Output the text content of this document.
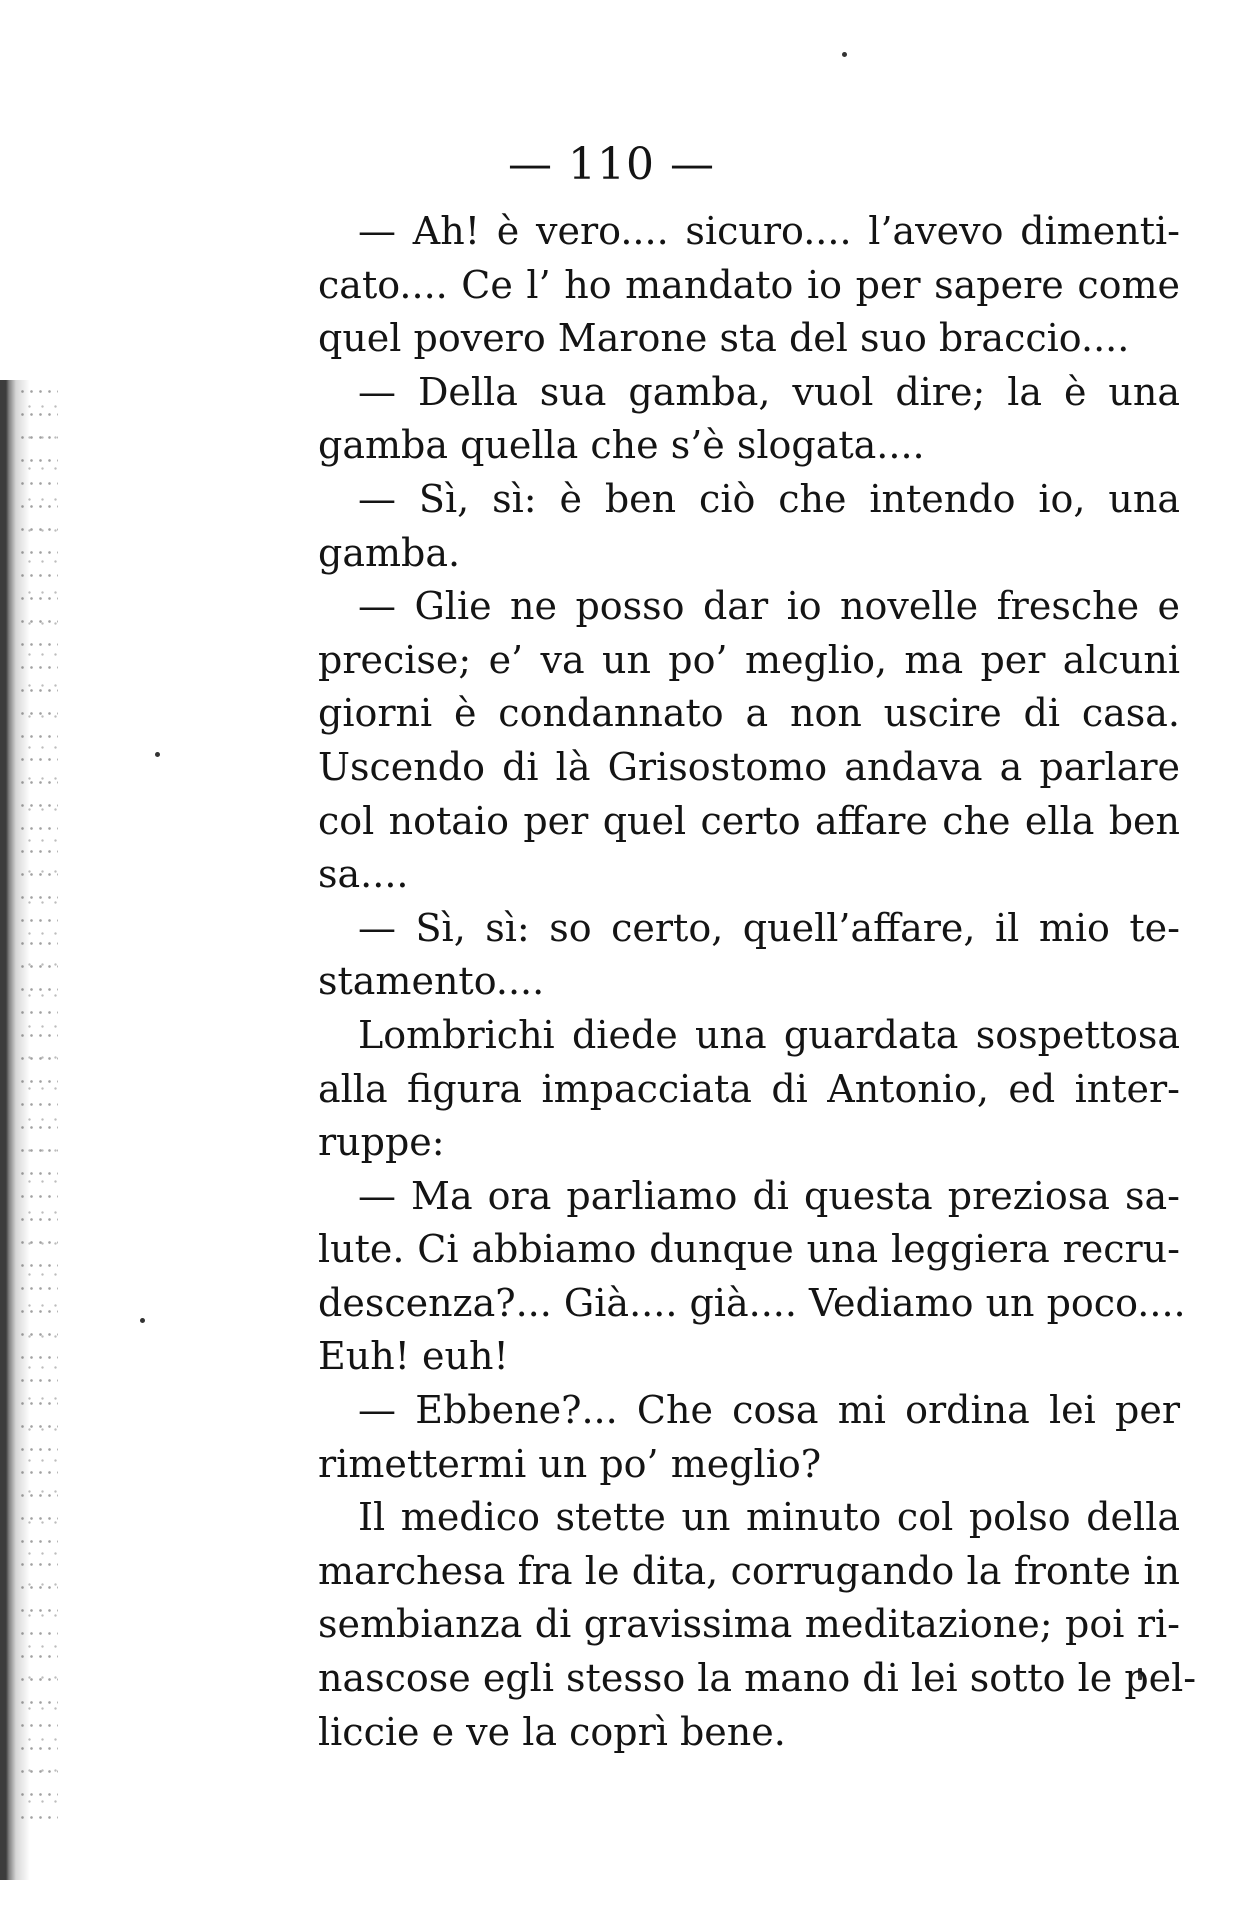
— 110 —
— Ah! è vero.... sicuro.... l’avevo dimenti-
cato.... Ce l’ ho mandato io per sapere come
quel povero Marone sta del suo braccio....
— Della sua gamba, vuol dire; la è una
gamba quella che s’è slogata....
— Sì, sì: è ben ciò che intendo io, una
gamba.
— Glie ne posso dar io novelle fresche e
precise; e’ va un po’ meglio, ma per alcuni
giorni è condannato a non uscire di casa.
Uscendo di là Grisostomo andava a parlare
col notaio per quel certo affare che ella ben
sa....
— Sì, sì: so certo, quell’affare, il mio te-
stamento....
Lombrichi diede una guardata sospettosa
alla figura impacciata di Antonio, ed inter-
ruppe:
— Ma ora parliamo di questa preziosa sa-
lute. Ci abbiamo dunque una leggiera recru-
descenza?... Già.... già.... Vediamo un poco....
Euh! euh!
— Ebbene?... Che cosa mi ordina lei per
rimettermi un po’ meglio?
Il medico stette un minuto col polso della
marchesa fra le dita, corrugando la fronte in
sembianza di gravissima meditazione; poi ri-
nascose egli stesso la mano di lei sotto le pel-
liccie e ve la coprì bene.
